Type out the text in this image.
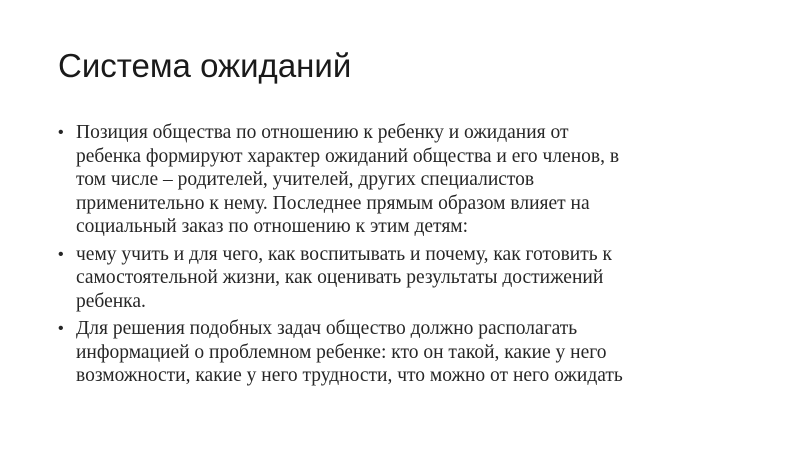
Система ожиданий
• Позиция общества по отношению к ребенку и ожидания от
ребенка формируют характер ожиданий общества и его членов, в
том числе – родителей, учителей, других специалистов
применительно к нему. Последнее прямым образом влияет на
социальный заказ по отношению к этим детям:
• чему учить и для чего, как воспитывать и почему, как готовить к
самостоятельной жизни, как оценивать результаты достижений
ребенка.
• Для решения подобных задач общество должно располагать
информацией о проблемном ребенке: кто он такой, какие у него
возможности, какие у него трудности, что можно от него ожидать
